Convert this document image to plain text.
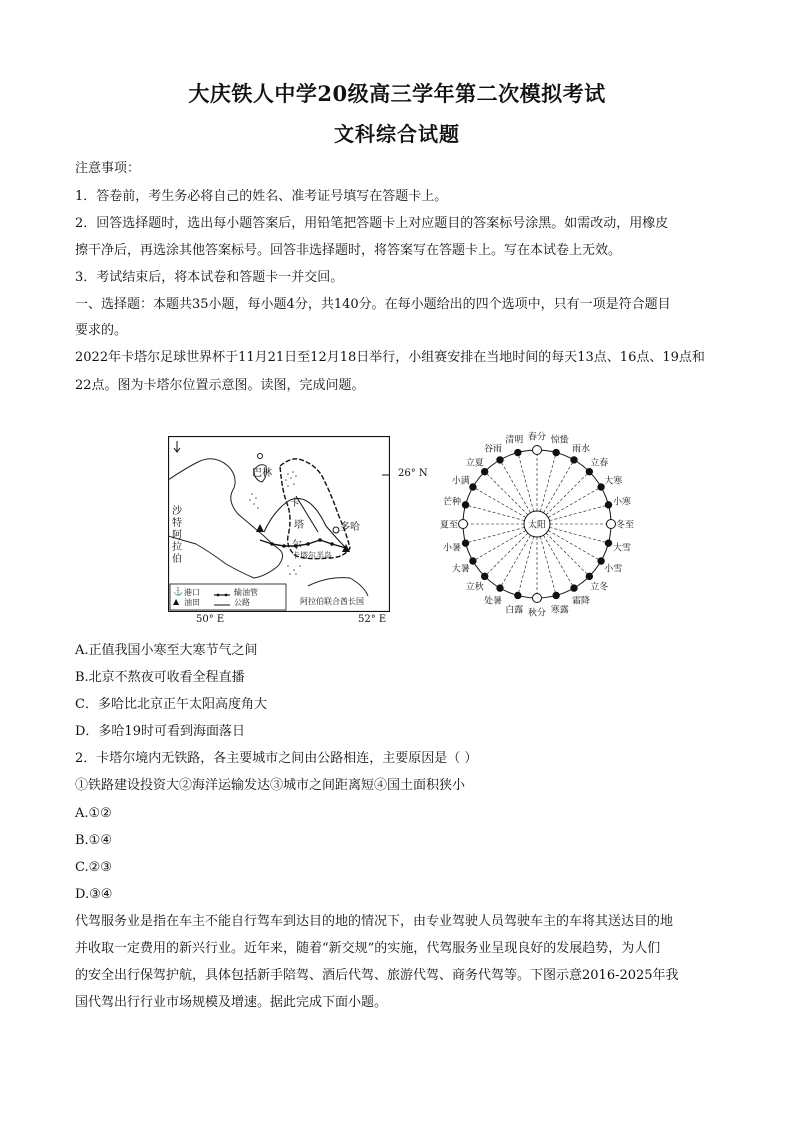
大庆铁人中学20级高三学年第二次模拟考试
文科综合试题
注意事项：
1．答卷前，考生务必将自己的姓名、准考证号填写在答题卡上。
2．回答选择题时，选出每小题答案后，用铅笔把答题卡上对应题目的答案标号涂黑。如需改动，用橡皮
擦干净后，再选涂其他答案标号。回答非选择题时，将答案写在答题卡上。写在本试卷上无效。
3．考试结束后，将本试卷和答题卡一并交回。
一、选择题：本题共35小题，每小题4分，共140分。在每小题给出的四个选项中，只有一项是符合题目
要求的。
2022年卡塔尔足球世界杯于11月21日至12月18日举行，小组赛安排在当地时间的每天13点、16点、19点和
22点。图为卡塔尔位置示意图。读图，完成问题。
26° N
巴林
沙
特
阿
拉
伯
卡
塔
尔
多哈
卡塔尔半岛
阿拉伯联合酋长国
⚓ 港口
▲ 油田
输油管
公路
50° E	52° E
太阳
春分
清明
谷雨
立夏
小满
芒种
夏至
小暑
大暑
立秋
处暑
白露 秋分 寒露
霜降
立冬
小雪
大雪
冬至
小寒
大寒
立春
雨水
惊蛰
A.正值我国小寒至大寒节气之间
B.北京不熬夜可收看全程直播
C．多哈比北京正午太阳高度角大
D．多哈19时可看到海面落日
2．卡塔尔境内无铁路，各主要城市之间由公路相连，主要原因是（ ）
①铁路建设投资大②海洋运输发达③城市之间距离短④国土面积狭小
A.①②
B.①④
C.②③
D.③④
代驾服务业是指在车主不能自行驾车到达目的地的情况下，由专业驾驶人员驾驶车主的车将其送达目的地
并收取一定费用的新兴行业。近年来，随着“新交规”的实施，代驾服务业呈现良好的发展趋势，为人们
的安全出行保驾护航，具体包括新手陪驾、酒后代驾、旅游代驾、商务代驾等。下图示意2016-2025年我
国代驾出行行业市场规模及增速。据此完成下面小题。
